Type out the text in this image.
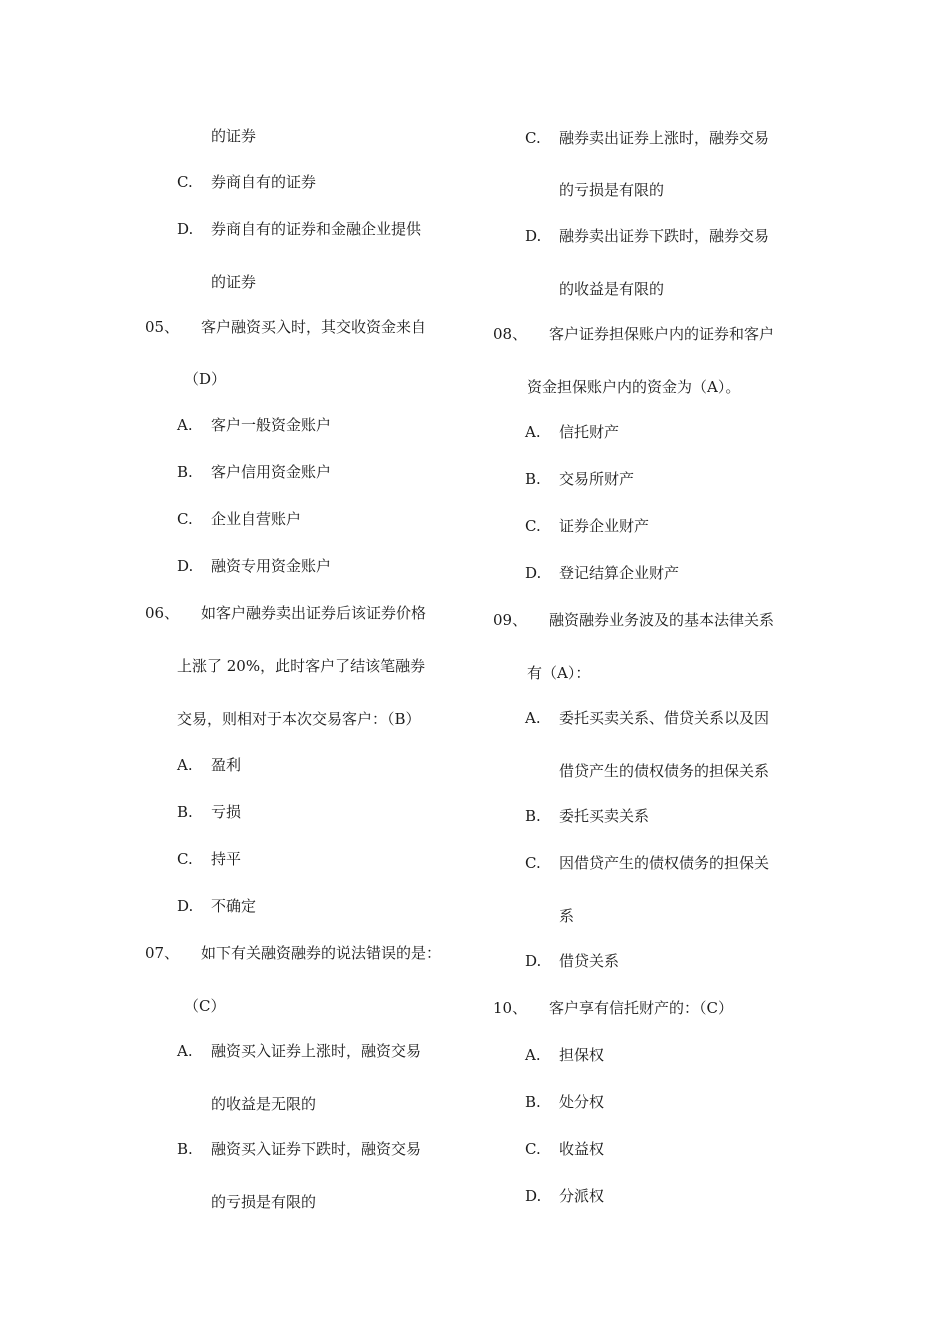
的证券
C. 券商自有的证券
D. 券商自有的证券和金融企业提供
的证券
05、 客户融资买入时，其交收资金来自
（D）
A. 客户一般资金账户
B. 客户信用资金账户
C. 企业自营账户
D. 融资专用资金账户
06、 如客户融券卖出证券后该证券价格
上涨了 20%，此时客户了结该笔融券
交易，则相对于本次交易客户：（B）
A. 盈利
B. 亏损
C. 持平
D. 不确定
07、 如下有关融资融券的说法错误的是：
（C）
A. 融资买入证券上涨时，融资交易
的收益是无限的
B. 融资买入证券下跌时，融资交易
的亏损是有限的
C. 融券卖出证券上涨时，融券交易
的亏损是有限的
D. 融券卖出证券下跌时，融券交易
的收益是有限的
08、 客户证券担保账户内的证券和客户
资金担保账户内的资金为（A）。
A. 信托财产
B. 交易所财产
C. 证券企业财产
D. 登记结算企业财产
09、 融资融券业务波及的基本法律关系
有（A）：
A. 委托买卖关系、借贷关系以及因
借贷产生的债权债务的担保关系
B. 委托买卖关系
C. 因借贷产生的债权债务的担保关
系
D. 借贷关系
10、 客户享有信托财产的：（C）
A. 担保权
B. 处分权
C. 收益权
D. 分派权
